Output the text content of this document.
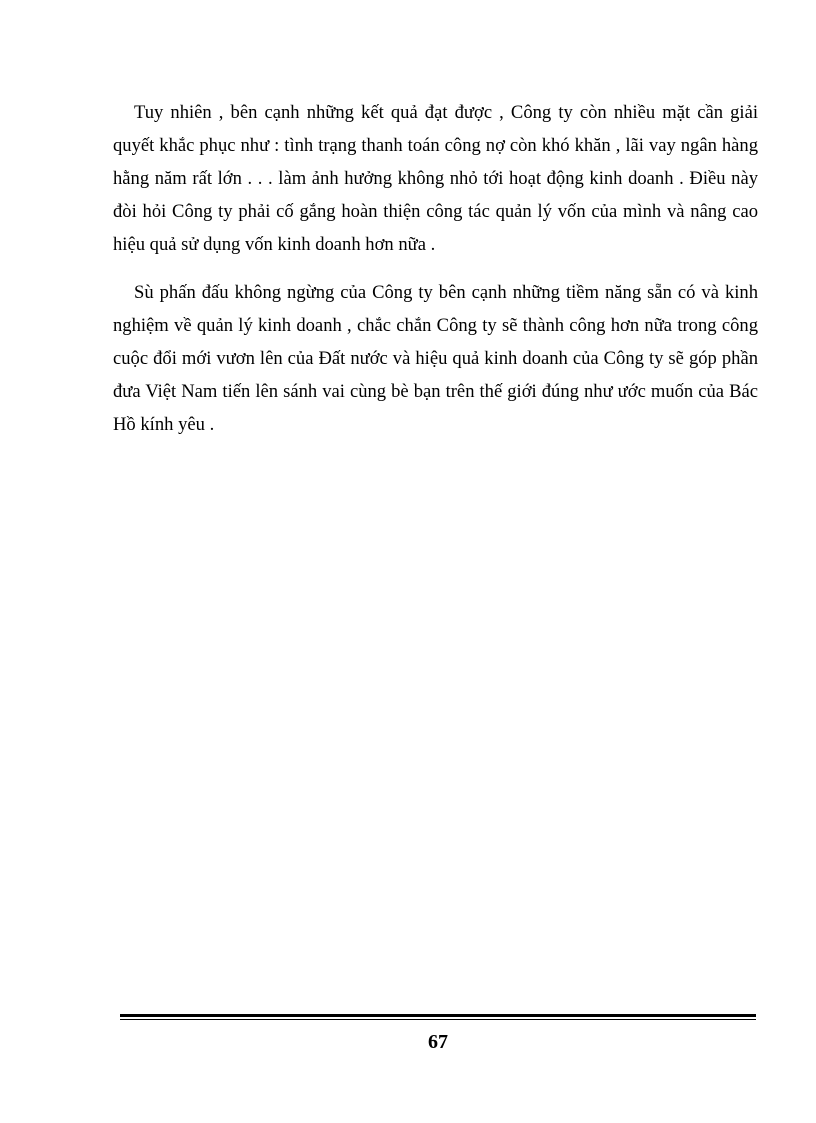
Tuy nhiên , bên cạnh những kết quả đạt được , Công ty còn nhiều mặt cần giải quyết khắc phục như : tình trạng thanh toán công nợ còn khó khăn , lãi vay ngân hàng hằng năm rất lớn . . . làm ảnh hưởng không nhỏ tới hoạt động kinh doanh . Điều này đòi hỏi Công ty phải cố gắng hoàn thiện công tác quản lý vốn của mình và nâng cao hiệu quả sử dụng vốn kinh doanh hơn nữa .

Sù phấn đấu không ngừng của Công ty bên cạnh những tiềm năng sẵn có và kinh nghiệm về quản lý kinh doanh , chắc chắn Công ty sẽ thành công hơn nữa trong công cuộc đổi mới vươn lên của Đất nước và hiệu quả kinh doanh của Công ty sẽ góp phần đưa Việt Nam tiến lên sánh vai cùng bè bạn trên thế giới đúng như ước muốn của Bác Hồ kính yêu .

67
